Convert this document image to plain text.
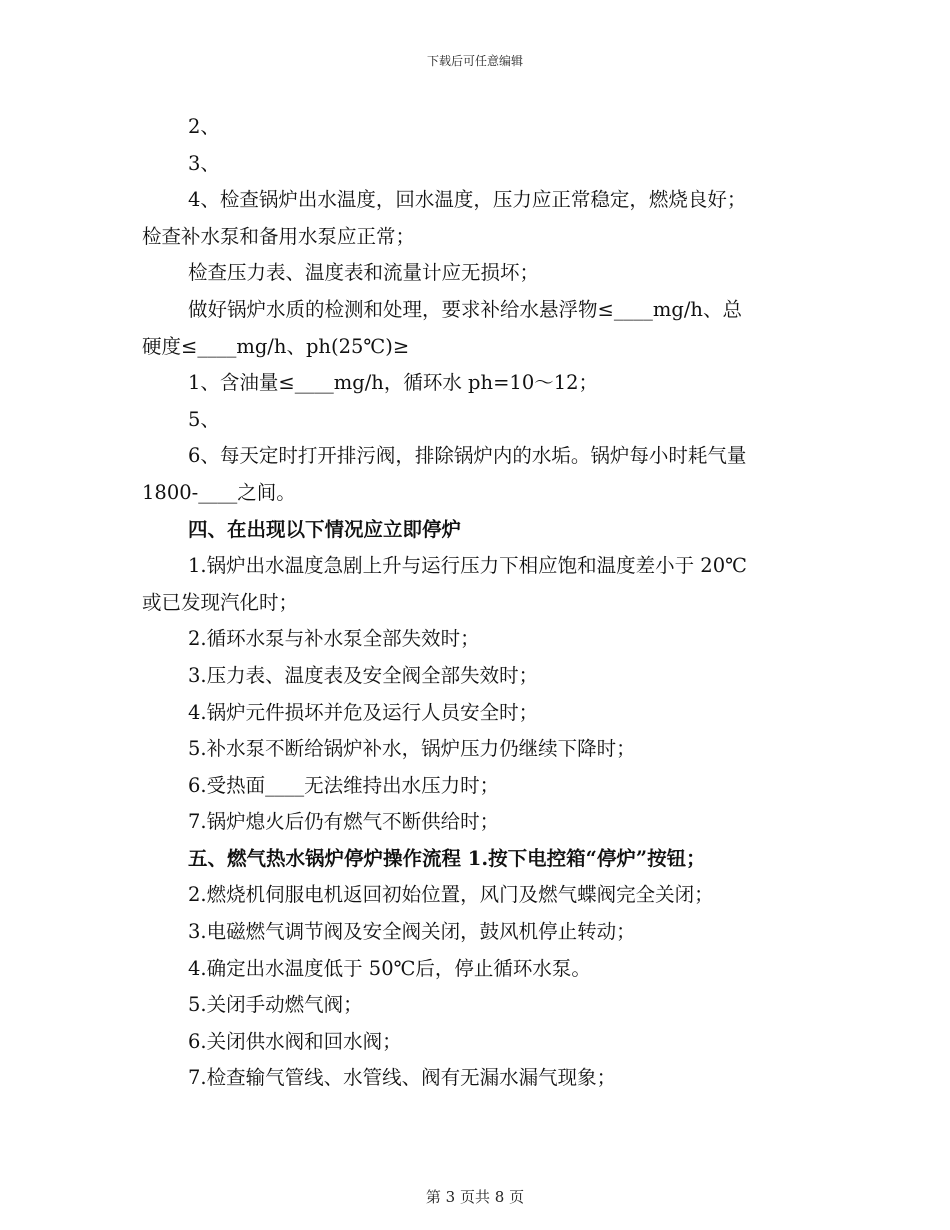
下载后可任意编辑

2、

3、

4、检查锅炉出水温度，回水温度，压力应正常稳定，燃烧良好；

检查补水泵和备用水泵应正常；

检查压力表、温度表和流量计应无损坏；

做好锅炉水质的检测和处理，要求补给水悬浮物≤____mg/h、总

硬度≤____mg/h、ph(25℃)≥

1、含油量≤____mg/h，循环水 ph=10～12；

5、

6、每天定时打开排污阀，排除锅炉内的水垢。锅炉每小时耗气量

1800-____之间。

四、在出现以下情况应立即停炉

1.锅炉出水温度急剧上升与运行压力下相应饱和温度差小于 20℃

或已发现汽化时；

2.循环水泵与补水泵全部失效时；

3.压力表、温度表及安全阀全部失效时；

4.锅炉元件损坏并危及运行人员安全时；

5.补水泵不断给锅炉补水，锅炉压力仍继续下降时；

6.受热面____无法维持出水压力时；

7.锅炉熄火后仍有燃气不断供给时；

五、燃气热水锅炉停炉操作流程 1.按下电控箱“停炉”按钮；

2.燃烧机伺服电机返回初始位置，风门及燃气蝶阀完全关闭；

3.电磁燃气调节阀及安全阀关闭，鼓风机停止转动；

4.确定出水温度低于 50℃后，停止循环水泵。

5.关闭手动燃气阀；

6.关闭供水阀和回水阀；

7.检查输气管线、水管线、阀有无漏水漏气现象；

第 3 页共 8 页
